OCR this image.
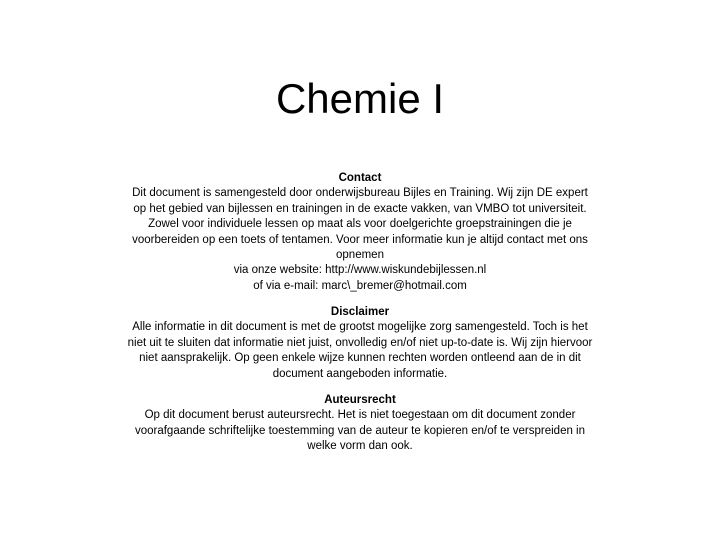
Chemie I
Contact
Dit document is samengesteld door onderwijsbureau Bijles en Training. Wij zijn DE expert
op het gebied van bijlessen en trainingen in de exacte vakken, van VMBO tot universiteit.
Zowel voor individuele lessen op maat als voor doelgerichte groepstrainingen die je
voorbereiden op een toets of tentamen. Voor meer informatie kun je altijd contact met ons
opnemen
via onze website: http://www.wiskundebijlessen.nl
of via e-mail: marc\_bremer@hotmail.com
Disclaimer
Alle informatie in dit document is met de grootst mogelijke zorg samengesteld. Toch is het
niet uit te sluiten dat informatie niet juist, onvolledig en/of niet up-to-date is. Wij zijn hiervoor
niet aansprakelijk. Op geen enkele wijze kunnen rechten worden ontleend aan de in dit
document aangeboden informatie.
Auteursrecht
Op dit document berust auteursrecht. Het is niet toegestaan om dit document zonder
voorafgaande schriftelijke toestemming van de auteur te kopieren en/of te verspreiden in
welke vorm dan ook.
